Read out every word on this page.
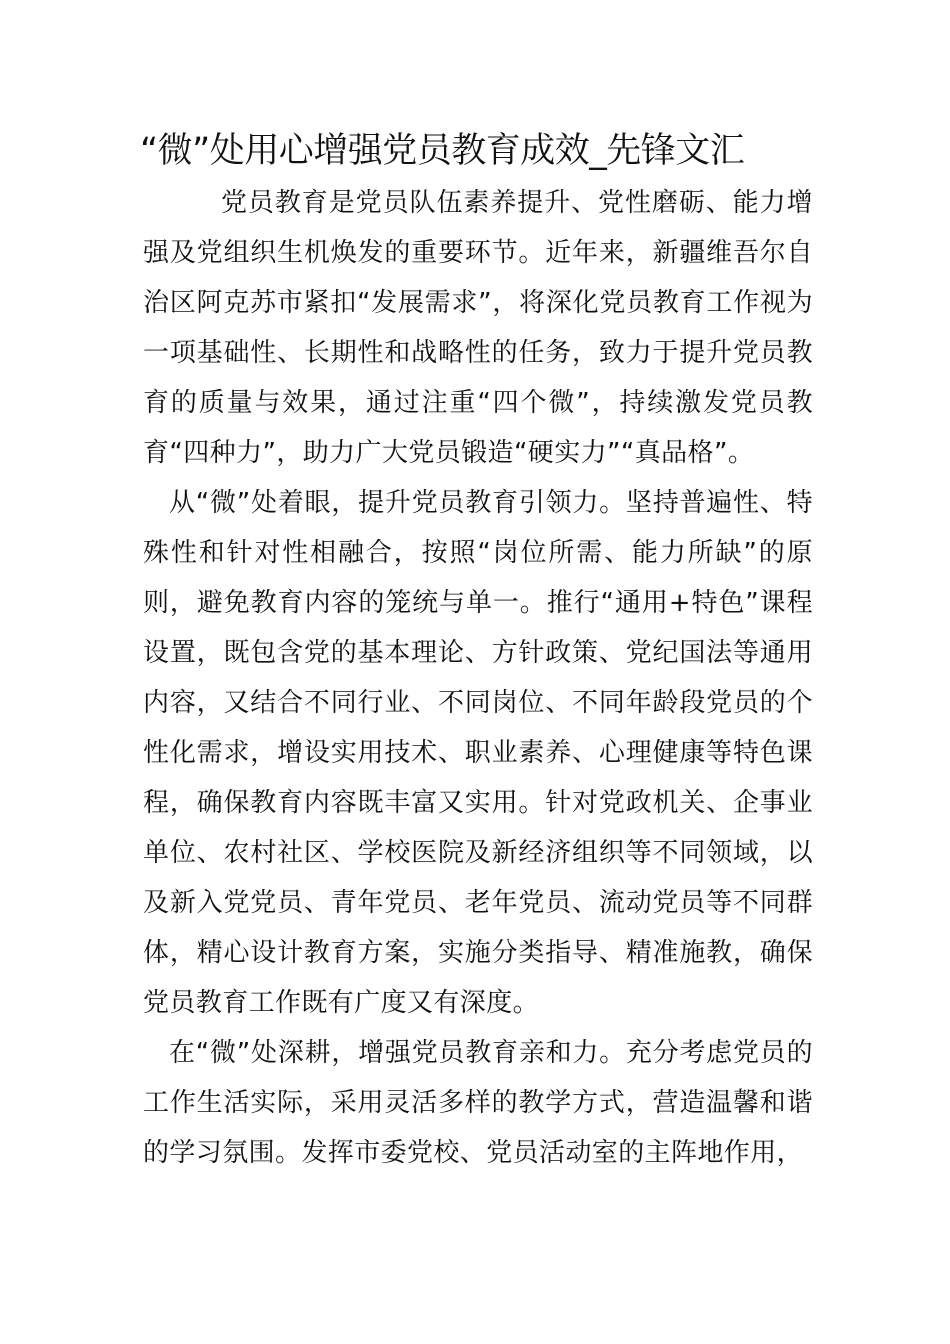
“微”处用心增强党员教育成效_先锋文汇

党员教育是党员队伍素养提升、党性磨砺、能力增强及党组织生机焕发的重要环节。近年来，新疆维吾尔自治区阿克苏市紧扣“发展需求”，将深化党员教育工作视为一项基础性、长期性和战略性的任务，致力于提升党员教育的质量与效果，通过注重“四个微”，持续激发党员教育“四种力”，助力广大党员锻造“硬实力”“真品格”。

从“微”处着眼，提升党员教育引领力。坚持普遍性、特殊性和针对性相融合，按照“岗位所需、能力所缺”的原则，避免教育内容的笼统与单一。推行“通用+特色”课程设置，既包含党的基本理论、方针政策、党纪国法等通用内容，又结合不同行业、不同岗位、不同年龄段党员的个性化需求，增设实用技术、职业素养、心理健康等特色课程，确保教育内容既丰富又实用。针对党政机关、企事业单位、农村社区、学校医院及新经济组织等不同领域，以及新入党党员、青年党员、老年党员、流动党员等不同群体，精心设计教育方案，实施分类指导、精准施教，确保党员教育工作既有广度又有深度。

在“微”处深耕，增强党员教育亲和力。充分考虑党员的工作生活实际，采用灵活多样的教学方式，营造温馨和谐的学习氛围。发挥市委党校、党员活动室的主阵地作用，
